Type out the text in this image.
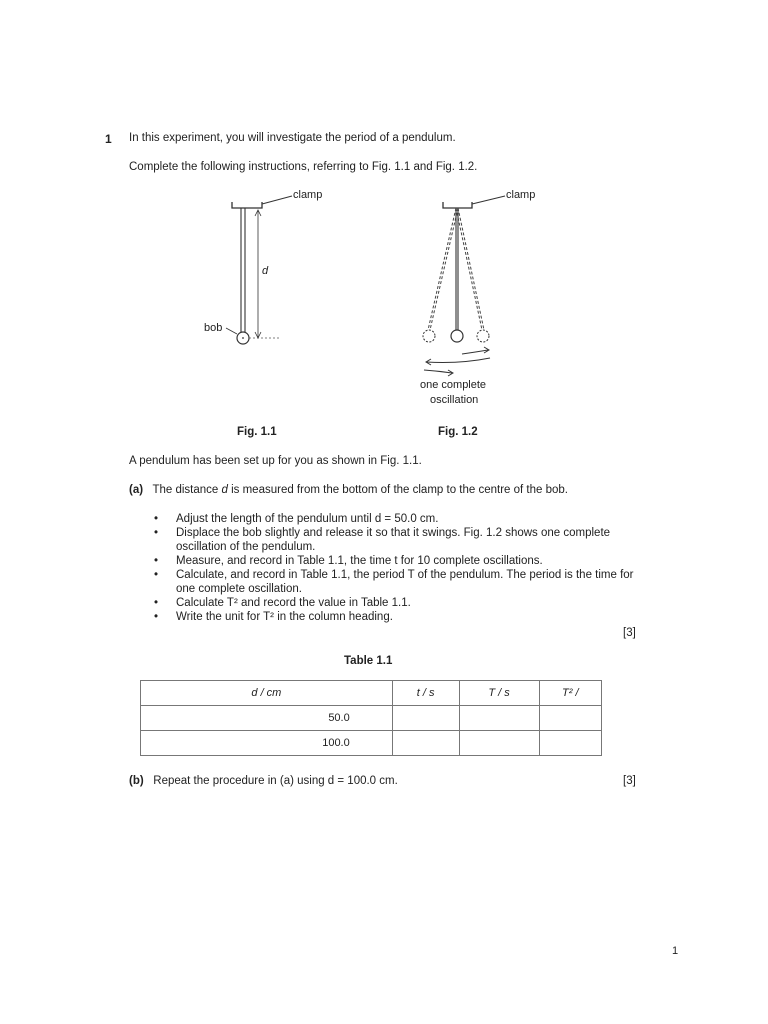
1 In this experiment, you will investigate the period of a pendulum.
Complete the following instructions, referring to Fig. 1.1 and Fig. 1.2.
clamp
d
bob
clamp
one complete
oscillation
Fig. 1.1	Fig. 1.2
A pendulum has been set up for you as shown in Fig. 1.1.
(a) The distance d is measured from the bottom of the clamp to the centre of the bob.
• Adjust the length of the pendulum until d = 50.0 cm.
• Displace the bob slightly and release it so that it swings. Fig. 1.2 shows one complete oscillation of the pendulum.
• Measure, and record in Table 1.1, the time t for 10 complete oscillations.
• Calculate, and record in Table 1.1, the period T of the pendulum. The period is the time for one complete oscillation.
• Calculate T² and record the value in Table 1.1.
• Write the unit for T² in the column heading.
[3]
Table 1.1
d / cm	t / s	T / s	T² /
50.0			
100.0			
(b) Repeat the procedure in (a) using d = 100.0 cm.	[3]
1
